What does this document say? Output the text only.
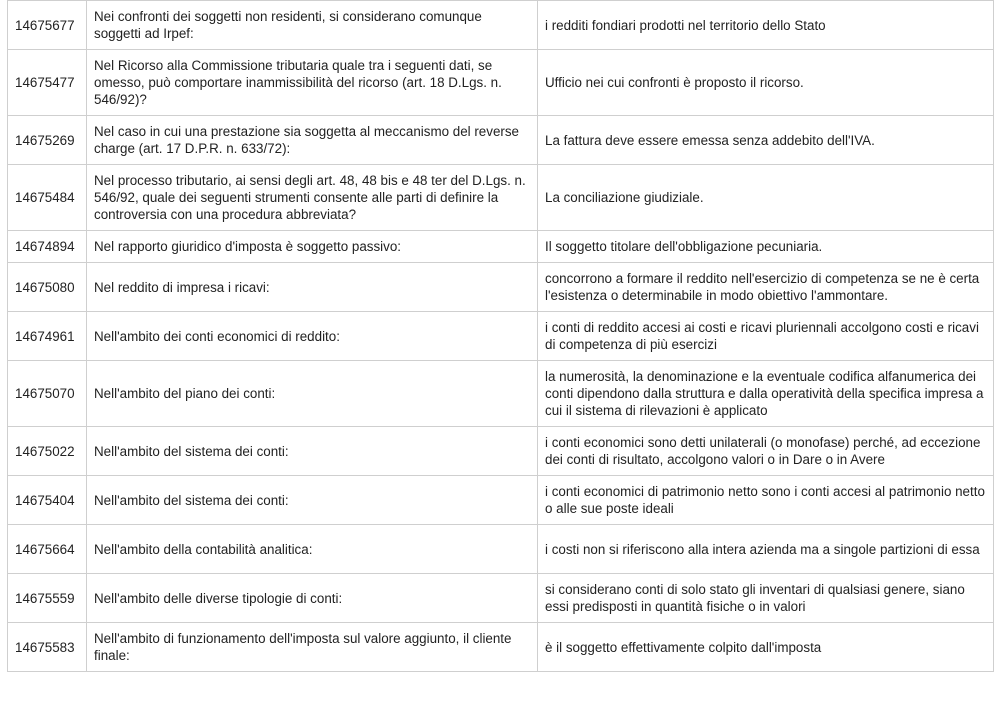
14675677	Nei confronti dei soggetti non residenti, si considerano comunque soggetti ad Irpef:	i redditi fondiari prodotti nel territorio dello Stato
14675477	Nel Ricorso alla Commissione tributaria quale tra i seguenti dati, se omesso, può comportare inammissibilità del ricorso (art. 18 D.Lgs. n. 546/92)?	Ufficio nei cui confronti è proposto il ricorso.
14675269	Nel caso in cui una prestazione sia soggetta al meccanismo del reverse charge (art. 17 D.P.R. n. 633/72):	La fattura deve essere emessa senza addebito dell'IVA.
14675484	Nel processo tributario, ai sensi degli art. 48, 48 bis e 48 ter del D.Lgs. n. 546/92, quale dei seguenti strumenti consente alle parti di definire la controversia con una procedura abbreviata?	La conciliazione giudiziale.
14674894	Nel rapporto giuridico d'imposta è soggetto passivo:	Il soggetto titolare dell'obbligazione pecuniaria.
14675080	Nel reddito di impresa i ricavi:	concorrono a formare il reddito nell'esercizio di competenza se ne è certa l'esistenza o determinabile in modo obiettivo l'ammontare.
14674961	Nell'ambito dei conti economici di reddito:	i conti di reddito accesi ai costi e ricavi pluriennali accolgono costi e ricavi di competenza di più esercizi
14675070	Nell'ambito del piano dei conti:	la numerosità, la denominazione e la eventuale codifica alfanumerica dei conti dipendono dalla struttura e dalla operatività della specifica impresa a cui il sistema di rilevazioni è applicato
14675022	Nell'ambito del sistema dei conti:	i conti economici sono detti unilaterali (o monofase) perché, ad eccezione dei conti di risultato, accolgono valori o in Dare o in Avere
14675404	Nell'ambito del sistema dei conti:	i conti economici di patrimonio netto sono i conti accesi al patrimonio netto o alle sue poste ideali
14675664	Nell'ambito della contabilità analitica:	i costi non si riferiscono alla intera azienda ma a singole partizioni di essa
14675559	Nell'ambito delle diverse tipologie di conti:	si considerano conti di solo stato gli inventari di qualsiasi genere, siano essi predisposti in quantità fisiche o in valori
14675583	Nell'ambito di funzionamento dell'imposta sul valore aggiunto, il cliente finale:	è il soggetto effettivamente colpito dall'imposta
